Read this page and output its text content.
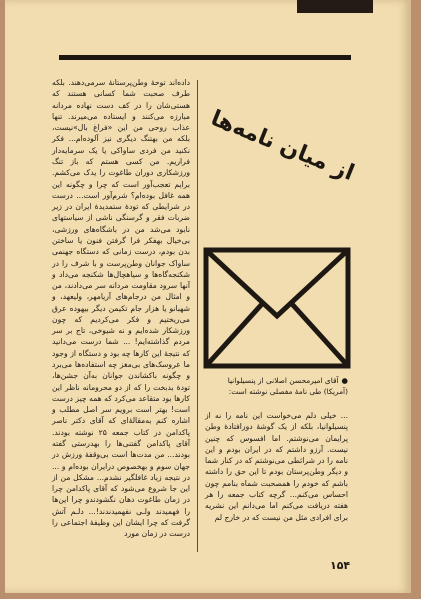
داده‌اند توحهٔ وطن‌پرستانهٔ سرمی‌دهند. بلکه طرف صحبت شما کسانی هستند که هستی‌شان را در کف دست نهاده مردانه مبارزه می‌کنند و ایستاده می‌میرند. تنها عذاب روحی من این «فراغ بال»نیست، بلکه من بهتنگ دیگری نیز آلوده‌ام... فکر نکنید من فردی ساواکی یا یک سرمایه‌دار فراریم. من کسی هستم که باز تنگ ورزشکاری دوران طاغوت را یدک می‌کشم. برایم تعجب‌آور است که چرا و چگونه این همه غافل بوده‌ام؟ شرم‌آور است... درست در شرایطی که تودهٔ ستمدیدهٔ ایران در زیر ضربات فقر و گرسنگی ناشی از سیاستهای نابود می‌شد من در باشگاه‌های ورزشی، بی‌خیال بهفکر فرا گرفتن فنون یا ساختن بدن بودم، درست زمانی که دستگاه جهنمی ساواک جوانان وطن‌پرست و با شرف را در شکنجه‌گاه‌ها و سیاهچال‌ها شکنجه می‌داد و آنها سرود مقاومت مردانه سر می‌دادند، من و امثال من درجام‌های آریامهر، ولیعهد، و شهبانو یا هزار جام تکیمن دیگر بیهوده عرق می‌ریختیم و فکر می‌کردیم که چون ورزشکار شده‌ایم و نه شیوخی، تاج بر سر مردم گذاشته‌ایم! ... شما درست می‌دانید که نتیجهٔ این کارها چه بود و دستگاه از وجود ما عروسک‌های بی‌مغز چه استفاده‌ها می‌برد و چگونه باکشاندن جوانان به‌آن جشن‌ها، تودهٔ بدبخت را که از دو محرومانه ناظر این کارها بود متقاعد می‌کرد که همه چیز درست است! بهتر است برویم سر اصل مطلب و اشاره کنم به‌مقالهٔ‌ای که آقای دکتر ناصر پاکدامن در کتاب جمعه ۲۵ نوشته بودند. آقای پاکدامن گفتنی‌ها را بهدرستی گفته بودند... من مدت‌ها است بی‌وقفهٔ ورزش در جهان سوم و بهخصوص درایران بوده‌ام و ... در نتیجه زیاد غافلگیر نشدم... مشکل من از این جا شروع می‌شود که آقای پاکدامن چرا در زمان طاغوت دهان نگشودندو چرا این‌ها را فهمیدند ولـی نفهمیدندند!... دلـم آتش گرفت که چرا ایشان این وظیفهٔ اجتماعی را درست در زمان مورد

از میان نامه‌ها

●آقای امیرمحسن اصلانی از پنسیلوانیا (آمریکا) طی نامهٔ مفصلی نوشته است:

... خیلی دلم می‌خواست این نامه را نه از پنسیلوانیا، بلکه از یک گوشهٔ دورافتادهٔ وطن پرایمان می‌نوشتم. اما افسوس که چنین نیست. آرزو داشتم که در ایران بودم و این نامه را در شرائطی می‌نوشتم که در کنار شما و دیگر وطن‌پرستان بودم تا این حق را داشته باشم که خودم را همصحبت شماه بنامم چون احساس می‌کنم... گرچه کتاب جمعه را هر هفته دریافت می‌کنم اما می‌دانم این نشریه برای افرادی مثل من نیست که در خارج لم

۱۵۴
